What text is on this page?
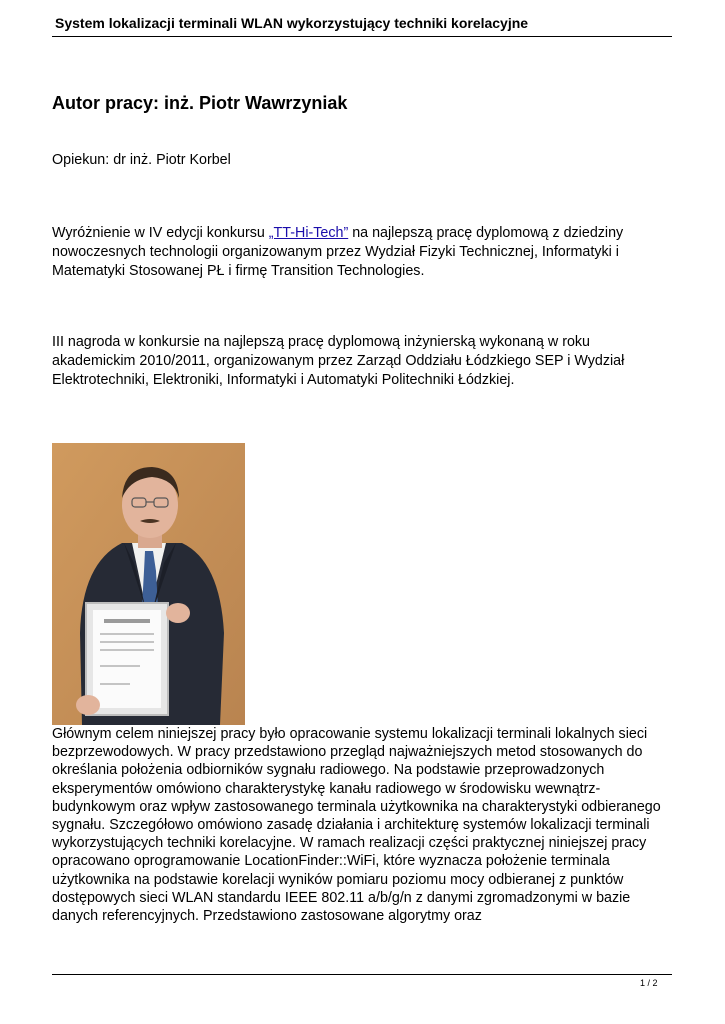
System lokalizacji terminali WLAN wykorzystujący techniki korelacyjne
Autor pracy: inż. Piotr Wawrzyniak

Opiekun: dr inż. Piotr Korbel

Wyróżnienie w IV edycji konkursu „TT-Hi-Tech” na najlepszą pracę dyplomową z dziedziny nowoczesnych technologii organizowanym przez Wydział Fizyki Technicznej, Informatyki i Matematyki Stosowanej PŁ i firmę Transition Technologies.

III nagroda w konkursie na najlepszą pracę dyplomową inżynierską wykonaną w roku akademickim 2010/2011, organizowanym przez Zarząd Oddziału Łódzkiego SEP i Wydział Elektrotechniki, Elektroniki, Informatyki i Automatyki Politechniki Łódzkiej.

Głównym celem niniejszej pracy było opracowanie systemu lokalizacji terminali lokalnych sieci bezprzewodowych. W pracy przedstawiono przegląd najważniejszych metod stosowanych do określania położenia odbiorników sygnału radiowego. Na podstawie przeprowadzonych eksperymentów omówiono charakterystykę kanału radiowego w środowisku wewnątrz-budynkowym oraz wpływ zastosowanego terminala użytkownika na charakterystyki odbieranego sygnału. Szczegółowo omówiono zasadę działania i architekturę systemów lokalizacji terminali wykorzystujących techniki korelacyjne. W ramach realizacji części praktycznej niniejszej pracy opracowano oprogramowanie LocationFinder::WiFi, które wyznacza położenie terminala użytkownika na podstawie korelacji wyników pomiaru poziomu mocy odbieranej z punktów dostępowych sieci WLAN standardu IEEE 802.11 a/b/g/n z danymi zgromadzonymi w bazie danych referencyjnych. Przedstawiono zastosowane algorytmy oraz

1 / 2
